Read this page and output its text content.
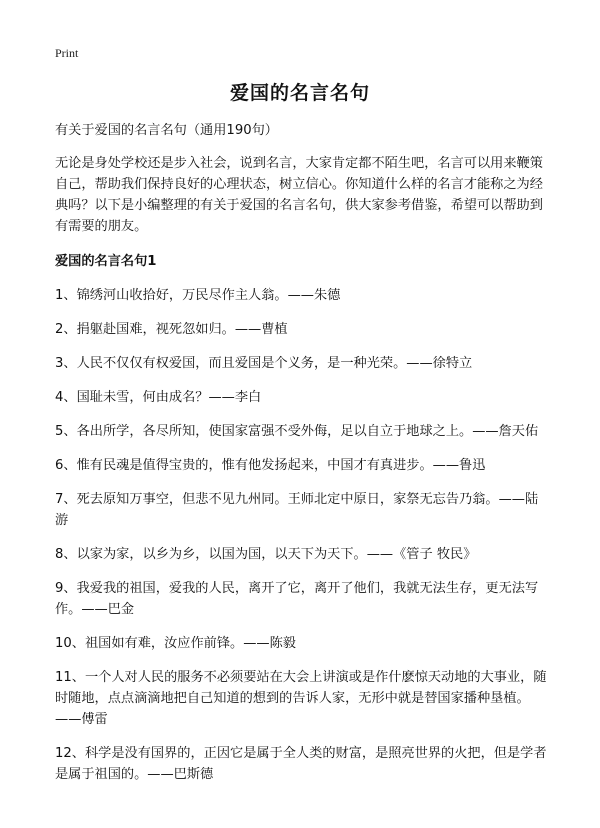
Print
爱国的名言名句

有关于爱国的名言名句（通用190句）

无论是身处学校还是步入社会，说到名言，大家肯定都不陌生吧，名言可以用来鞭策自己，帮助我们保持良好的心理状态，树立信心。你知道什么样的名言才能称之为经典吗？以下是小编整理的有关于爱国的名言名句，供大家参考借鉴，希望可以帮助到有需要的朋友。

爱国的名言名句1

1、锦绣河山收拾好，万民尽作主人翁。——朱德

2、捐躯赴国难，视死忽如归。——曹植

3、人民不仅仅有权爱国，而且爱国是个义务，是一种光荣。——徐特立

4、国耻未雪，何由成名？——李白

5、各出所学，各尽所知，使国家富强不受外侮，足以自立于地球之上。——詹天佑

6、惟有民魂是值得宝贵的，惟有他发扬起来，中国才有真进步。——鲁迅

7、死去原知万事空，但悲不见九州同。王师北定中原日，家祭无忘告乃翁。——陆游

8、以家为家，以乡为乡，以国为国，以天下为天下。——《管子 牧民》

9、我爱我的祖国，爱我的人民，离开了它，离开了他们，我就无法生存，更无法写作。——巴金

10、祖国如有难，汝应作前锋。——陈毅

11、一个人对人民的服务不必须要站在大会上讲演或是作什麽惊天动地的大事业，随时随地，点点滴滴地把自己知道的想到的告诉人家，无形中就是替国家播种垦植。——傅雷

12、科学是没有国界的，正因它是属于全人类的财富，是照亮世界的火把，但是学者是属于祖国的。——巴斯德
